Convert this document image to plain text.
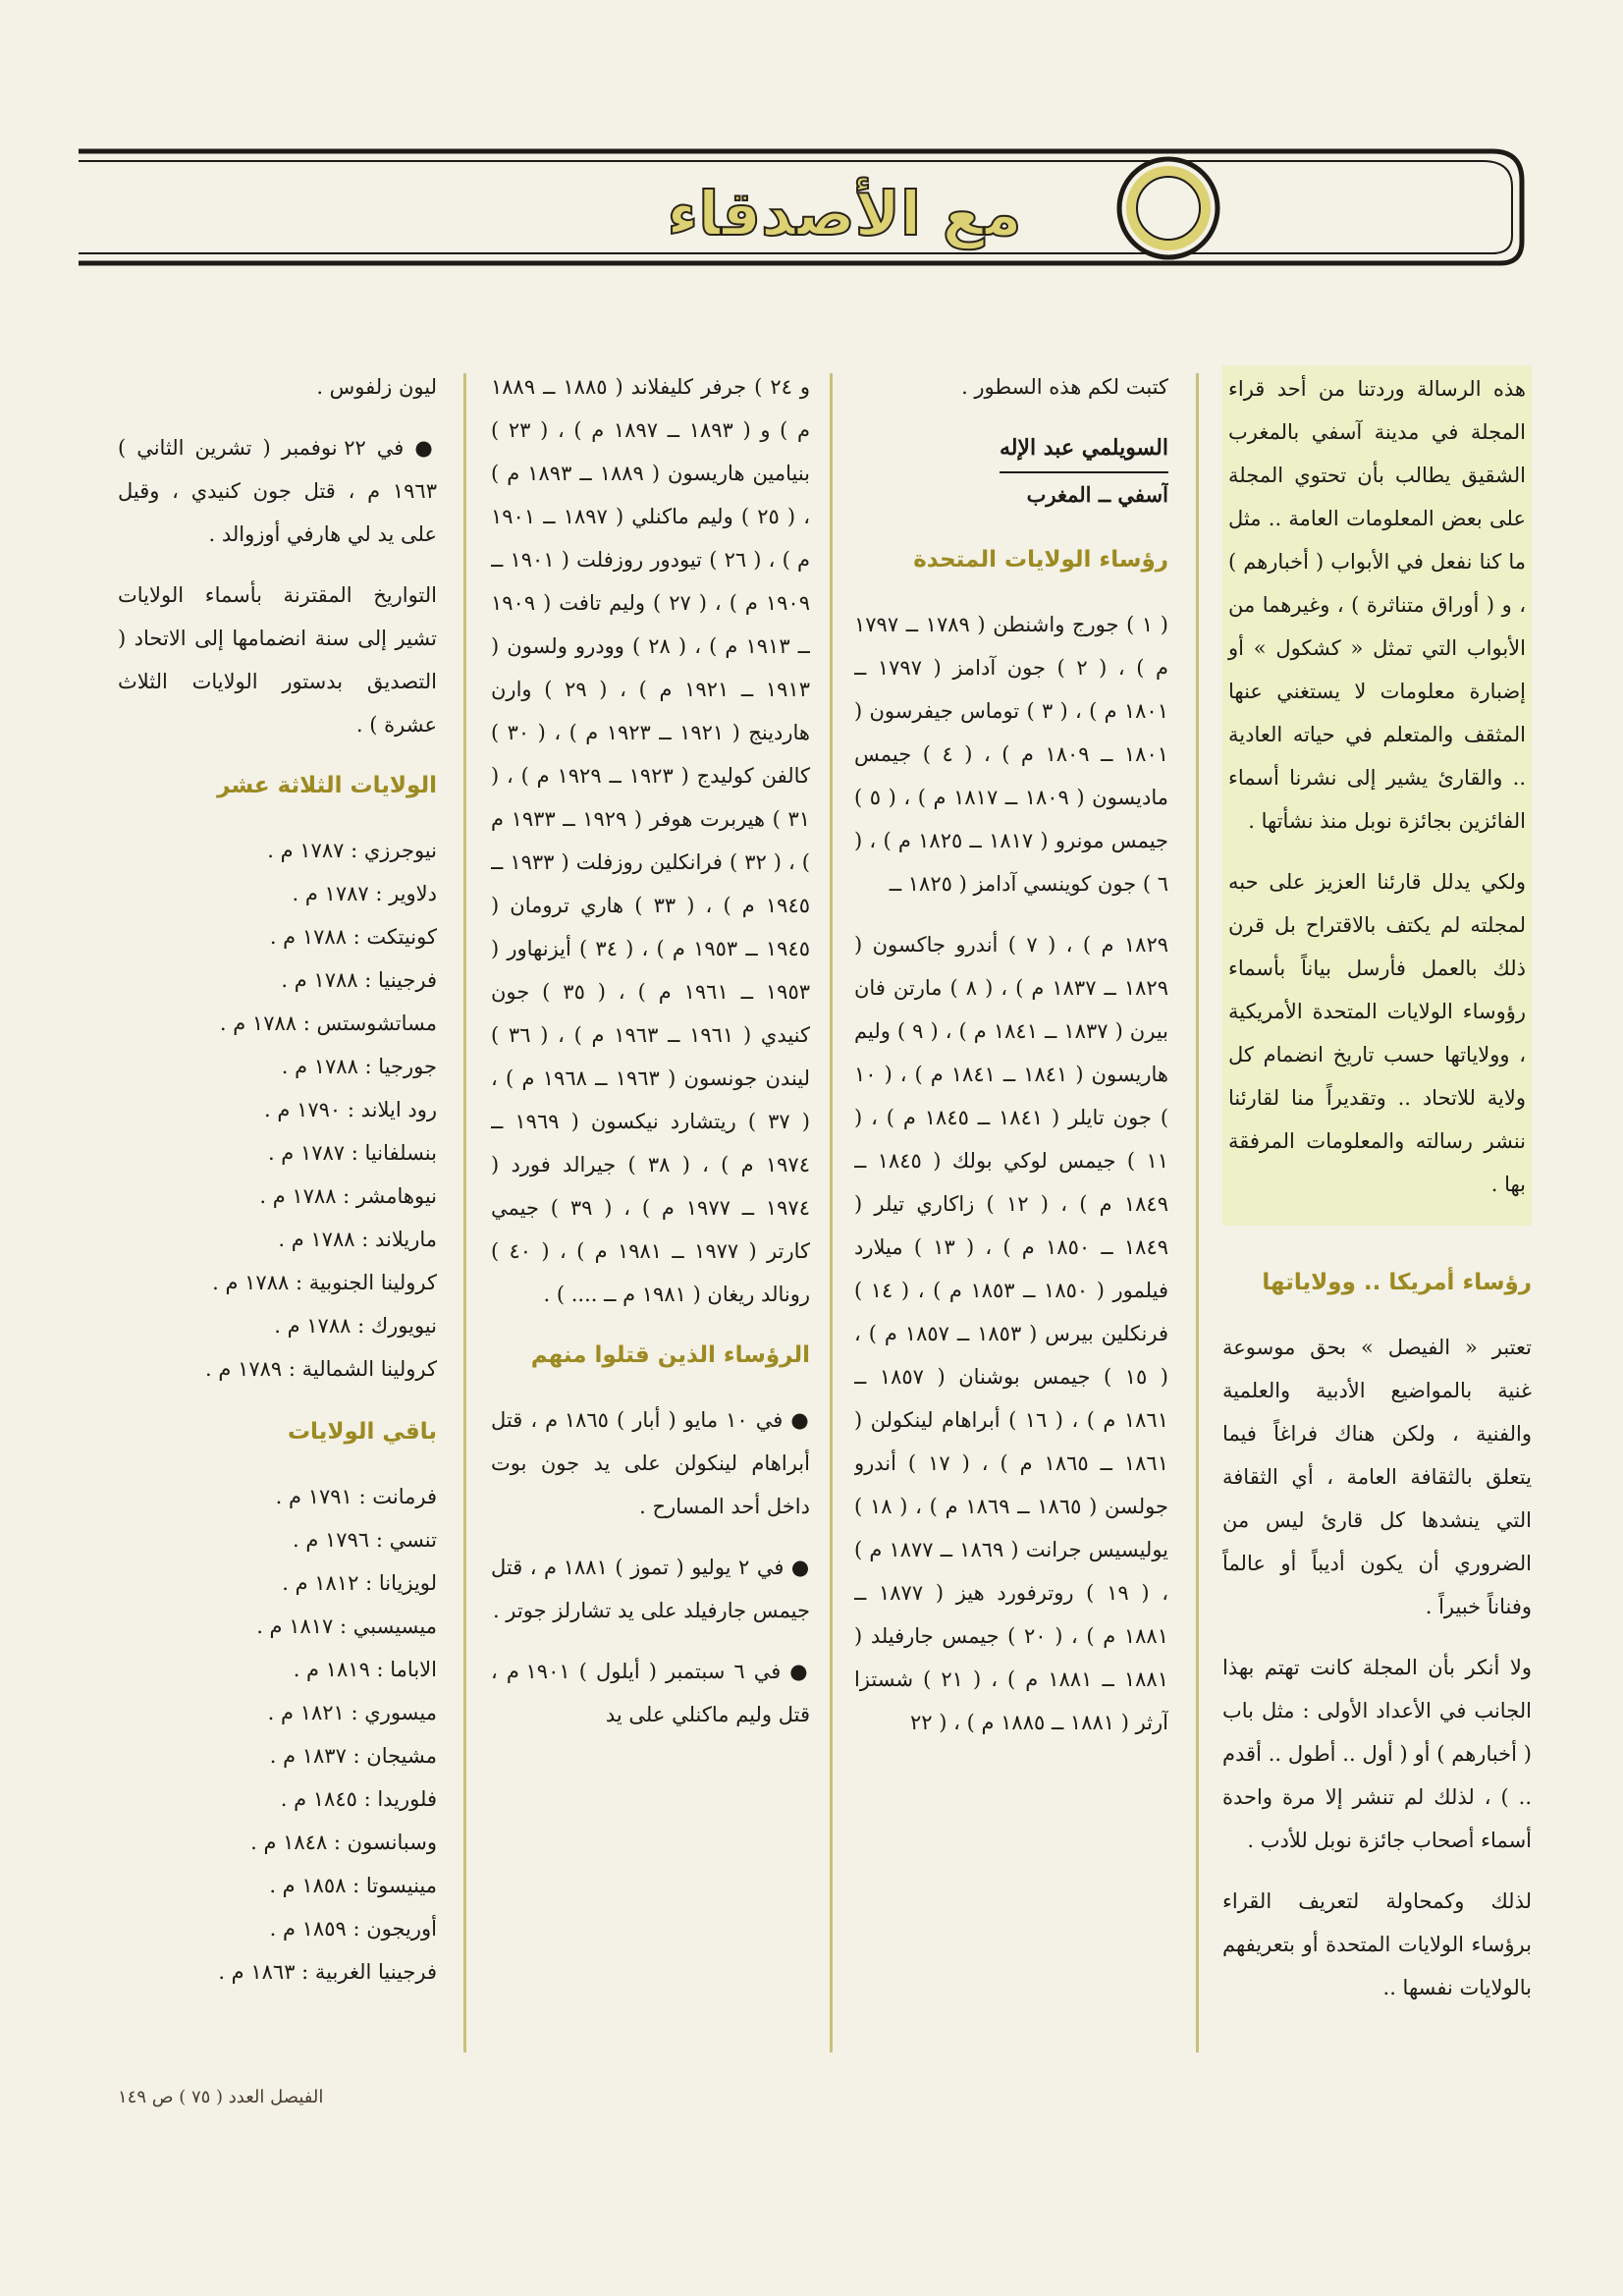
مع الأصدقاء

هذه الرسالة وردتنا من أحد قراء المجلة في مدينة آسفي بالمغرب الشقيق يطالب بأن تحتوي المجلة على بعض المعلومات العامة .. مثل ما كنا نفعل في الأبواب ( أخبارهم ) ، و ( أوراق متناثرة ) ، وغيرهما من الأبواب التي تمثل « كشكول » أو إضبارة معلومات لا يستغني عنها المثقف والمتعلم في حياته العادية .. والقارئ يشير إلى نشرنا أسماء الفائزين بجائزة نوبل منذ نشأتها .

ولكي يدلل قارئنا العزيز على حبه لمجلته لم يكتف بالاقتراح بل قرن ذلك بالعمل فأرسل بياناً بأسماء رؤوساء الولايات المتحدة الأمريكية ، وولاياتها حسب تاريخ انضمام كل ولاية للاتحاد .. وتقديراً منا لقارئنا ننشر رسالته والمعلومات المرفقة بها .

رؤساء أمريكا .. وولاياتها

تعتبر « الفيصل » بحق موسوعة غنية بالمواضيع الأدبية والعلمية والفنية ، ولكن هناك فراغاً فيما يتعلق بالثقافة العامة ، أي الثقافة التي ينشدها كل قارئ ليس من الضروري أن يكون أديباً أو عالماً وفناناً خبيراً .

ولا أنكر بأن المجلة كانت تهتم بهذا الجانب في الأعداد الأولى : مثل باب ( أخبارهم ) أو ( أول .. أطول .. أقدم .. ) ، لذلك لم تنشر إلا مرة واحدة أسماء أصحاب جائزة نوبل للأدب .

لذلك وكمحاولة لتعريف القراء برؤساء الولايات المتحدة أو بتعريفهم بالولايات نفسها ..

كتبت لكم هذه السطور .

السويلمي عبد الإله
آسفي ــ المغرب
رؤساء الولايات المتحدة

( ١ ) جورج واشنطن ( ١٧٨٩ ــ ١٧٩٧ م ) ، ( ٢ ) جون آدامز ( ١٧٩٧ ــ ١٨٠١ م ) ، ( ٣ ) توماس جيفرسون ( ١٨٠١ ــ ١٨٠٩ م ) ، ( ٤ ) جيمس ماديسون ( ١٨٠٩ ــ ١٨١٧ م ) ، ( ٥ ) جيمس مونرو ( ١٨١٧ ــ ١٨٢٥ م ) ، ( ٦ ) جون كوينسي آدامز ( ١٨٢٥ ــ

١٨٢٩ م ) ، ( ٧ ) أندرو جاكسون ( ١٨٢٩ ــ ١٨٣٧ م ) ، ( ٨ ) مارتن فان بيرن ( ١٨٣٧ ــ ١٨٤١ م ) ، ( ٩ ) وليم هاريسون ( ١٨٤١ ــ ١٨٤١ م ) ، ( ١٠ ) جون تايلر ( ١٨٤١ ــ ١٨٤٥ م ) ، ( ١١ ) جيمس لوكي بولك ( ١٨٤٥ ــ ١٨٤٩ م ) ، ( ١٢ ) زاكاري تيلر ( ١٨٤٩ ــ ١٨٥٠ م ) ، ( ١٣ ) ميلارد فيلمور ( ١٨٥٠ ــ ١٨٥٣ م ) ، ( ١٤ ) فرنكلين بيرس ( ١٨٥٣ ــ ١٨٥٧ م ) ، ( ١٥ ) جيمس بوشنان ( ١٨٥٧ ــ ١٨٦١ م ) ، ( ١٦ ) أبراهام لينكولن ( ١٨٦١ ــ ١٨٦٥ م ) ، ( ١٧ ) أندرو جولسن ( ١٨٦٥ ــ ١٨٦٩ م ) ، ( ١٨ ) يوليسيس جرانت ( ١٨٦٩ ــ ١٨٧٧ م ) ، ( ١٩ ) روترفورد هيز ( ١٨٧٧ ــ ١٨٨١ م ) ، ( ٢٠ ) جيمس جارفيلد ( ١٨٨١ ــ ١٨٨١ م ) ، ( ٢١ ) شستزا آرثر ( ١٨٨١ ــ ١٨٨٥ م ) ، ( ٢٢

و ٢٤ ) جرفر كليفلاند ( ١٨٨٥ ــ ١٨٨٩ م ) و ( ١٨٩٣ ــ ١٨٩٧ م ) ، ( ٢٣ ) بنيامين هاريسون ( ١٨٨٩ ــ ١٨٩٣ م ) ، ( ٢٥ ) وليم ماكنلي ( ١٨٩٧ ــ ١٩٠١ م ) ، ( ٢٦ ) تيودور روزفلت ( ١٩٠١ ــ ١٩٠٩ م ) ، ( ٢٧ ) وليم تافت ( ١٩٠٩ ــ ١٩١٣ م ) ، ( ٢٨ ) وودرو ولسون ( ١٩١٣ ــ ١٩٢١ م ) ، ( ٢٩ ) وارن هاردينج ( ١٩٢١ ــ ١٩٢٣ م ) ، ( ٣٠ ) كالفن كوليدج ( ١٩٢٣ ــ ١٩٢٩ م ) ، ( ٣١ ) هيربرت هوفر ( ١٩٢٩ ــ ١٩٣٣ م ) ، ( ٣٢ ) فرانكلين روزفلت ( ١٩٣٣ ــ ١٩٤٥ م ) ، ( ٣٣ ) هاري ترومان ( ١٩٤٥ ــ ١٩٥٣ م ) ، ( ٣٤ ) أيزنهاور ( ١٩٥٣ ــ ١٩٦١ م ) ، ( ٣٥ ) جون كنيدي ( ١٩٦١ ــ ١٩٦٣ م ) ، ( ٣٦ ) ليندن جونسون ( ١٩٦٣ ــ ١٩٦٨ م ) ، ( ٣٧ ) ريتشارد نيكسون ( ١٩٦٩ ــ ١٩٧٤ م ) ، ( ٣٨ ) جيرالد فورد ( ١٩٧٤ ــ ١٩٧٧ م ) ، ( ٣٩ ) جيمي كارتر ( ١٩٧٧ ــ ١٩٨١ م ) ، ( ٤٠ ) رونالد ريغان ( ١٩٨١ م ــ .... ) .

الرؤساء الذين قتلوا منهم

● في ١٠ مايو ( أبار ) ١٨٦٥ م ، قتل أبراهام لينكولن على يد جون بوت داخل أحد المسارح .

● في ٢ يوليو ( تموز ) ١٨٨١ م ، قتل جيمس جارفيلد على يد تشارلز جوتر .

● في ٦ سبتمبر ( أيلول ) ١٩٠١ م ، قتل وليم ماكنلي على يد

ليون زلفوس .

● في ٢٢ نوفمبر ( تشرين الثاني ) ١٩٦٣ م ، قتل جون كنيدي ، وقيل على يد لي هارفي أوزوالد .

التواريخ المقترنة بأسماء الولايات تشير إلى سنة انضمامها إلى الاتحاد ( التصديق بدستور الولايات الثلاث عشرة ) .

الولايات الثلاثة عشر
نيوجرزي : ١٧٨٧ م .
دلاوير : ١٧٨٧ م .
كونيتكت : ١٧٨٨ م .
فرجينيا : ١٧٨٨ م .
مساتشوستس : ١٧٨٨ م .
جورجيا : ١٧٨٨ م .
رود ايلاند : ١٧٩٠ م .
بنسلفانيا : ١٧٨٧ م .
نيوهامشر : ١٧٨٨ م .
ماريلاند : ١٧٨٨ م .
كرولينا الجنوبية : ١٧٨٨ م .
نيويورك : ١٧٨٨ م .
كرولينا الشمالية : ١٧٨٩ م .
باقي الولايات
فرمانت : ١٧٩١ م .
تنسي : ١٧٩٦ م .
لويزيانا : ١٨١٢ م .
ميسيسبي : ١٨١٧ م .
الاباما : ١٨١٩ م .
ميسوري : ١٨٢١ م .
مشيجان : ١٨٣٧ م .
فلوريدا : ١٨٤٥ م .
وسبانسون : ١٨٤٨ م .
مينيسوتا : ١٨٥٨ م .
أوريجون : ١٨٥٩ م .
فرجينيا الغربية : ١٨٦٣ م .
الفيصل العدد ( ٧٥ ) ص ١٤٩
